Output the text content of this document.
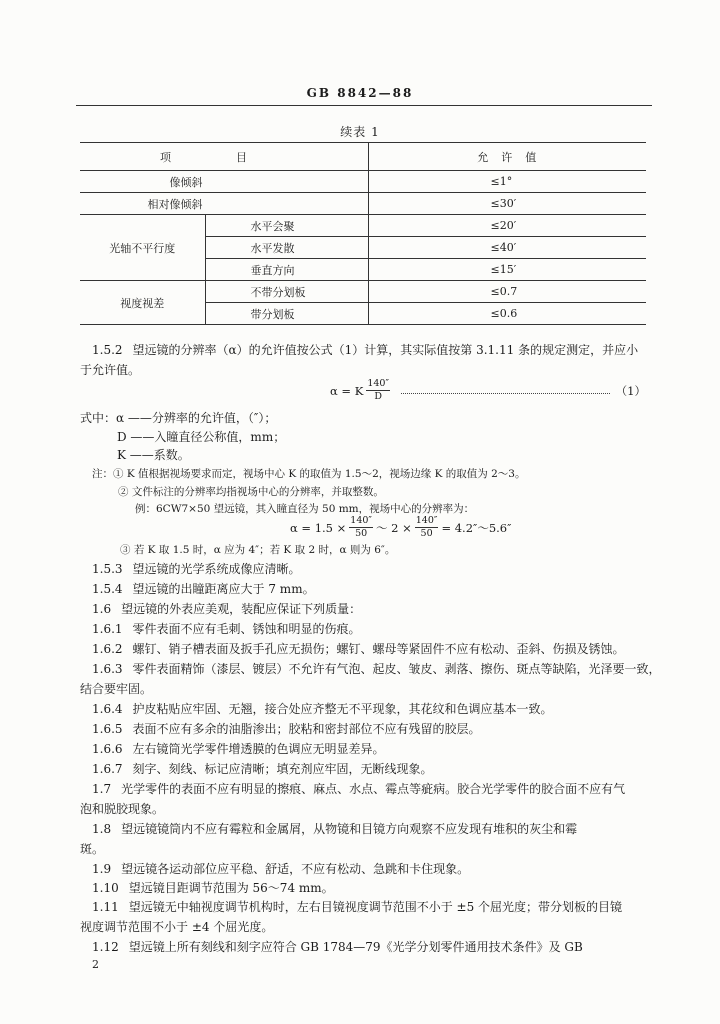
GB 8842—88
续表 1
项　　　目		允　许　值
像倾斜		≤1°
相对像倾斜		≤30′
光轴不平行度	水平会聚	≤20′
	水平发散	≤40′
	垂直方向	≤15′
视度视差	不带分划板	≤0.7
	带分划板	≤0.6
1.5.2 望远镜的分辨率（α）的允许值按公式（1）计算，其实际值按第 3.1.11 条的规定测定，并应小
于允许值。
α = K $\frac{140''}{D}$	（1）
式中：α ——分辨率的允许值，（″）；
D ——入瞳直径公称值，mm；
K ——系数。
注：① K 值根据视场要求而定，视场中心 K 的取值为 1.5～2，视场边缘 K 的取值为 2～3。
② 文件标注的分辨率均指视场中心的分辨率，并取整数。
例：6CW7×50 望远镜，其入瞳直径为 50 mm，视场中心的分辨率为：
$\alpha = 1.5 \times \frac{140''}{50}$ ～ $2 \times \frac{140''}{50}$ = 4.2″～5.6″
③ 若 K 取 1.5 时，α 应为 4″；若 K 取 2 时，α 则为 6″。
1.5.3 望远镜的光学系统成像应清晰。
1.5.4 望远镜的出瞳距离应大于 7 mm。
1.6 望远镜的外表应美观，装配应保证下列质量：
1.6.1 零件表面不应有毛刺、锈蚀和明显的伤痕。
1.6.2 螺钉、销子槽表面及扳手孔应无损伤；螺钉、螺母等紧固件不应有松动、歪斜、伤损及锈蚀。
1.6.3 零件表面精饰（漆层、镀层）不允许有气泡、起皮、皱皮、剥落、擦伤、斑点等缺陷，光泽要一致，
结合要牢固。
1.6.4 护皮粘贴应牢固、无翘，接合处应齐整无不平现象，其花纹和色调应基本一致。
1.6.5 表面不应有多余的油脂渗出；胶粘和密封部位不应有残留的胶层。
1.6.6 左右镜筒光学零件增透膜的色调应无明显差异。
1.6.7 刻字、刻线、标记应清晰；填充剂应牢固，无断线现象。
1.7 光学零件的表面不应有明显的擦痕、麻点、水点、霉点等疵病。胶合光学零件的胶合面不应有气
泡和脱胶现象。
1.8 望远镜镜筒内不应有霉粒和金属屑，从物镜和目镜方向观察不应发现有堆积的灰尘和霉
斑。
1.9 望远镜各运动部位应平稳、舒适，不应有松动、急跳和卡住现象。
1.10 望远镜目距调节范围为 56～74 mm。
1.11 望远镜无中轴视度调节机构时，左右目镜视度调节范围不小于 ±5 个屈光度；带分划板的目镜
视度调节范围不小于 ±4 个屈光度。
1.12 望远镜上所有刻线和刻字应符合 GB 1784—79《光学分划零件通用技术条件》及 GB
2
